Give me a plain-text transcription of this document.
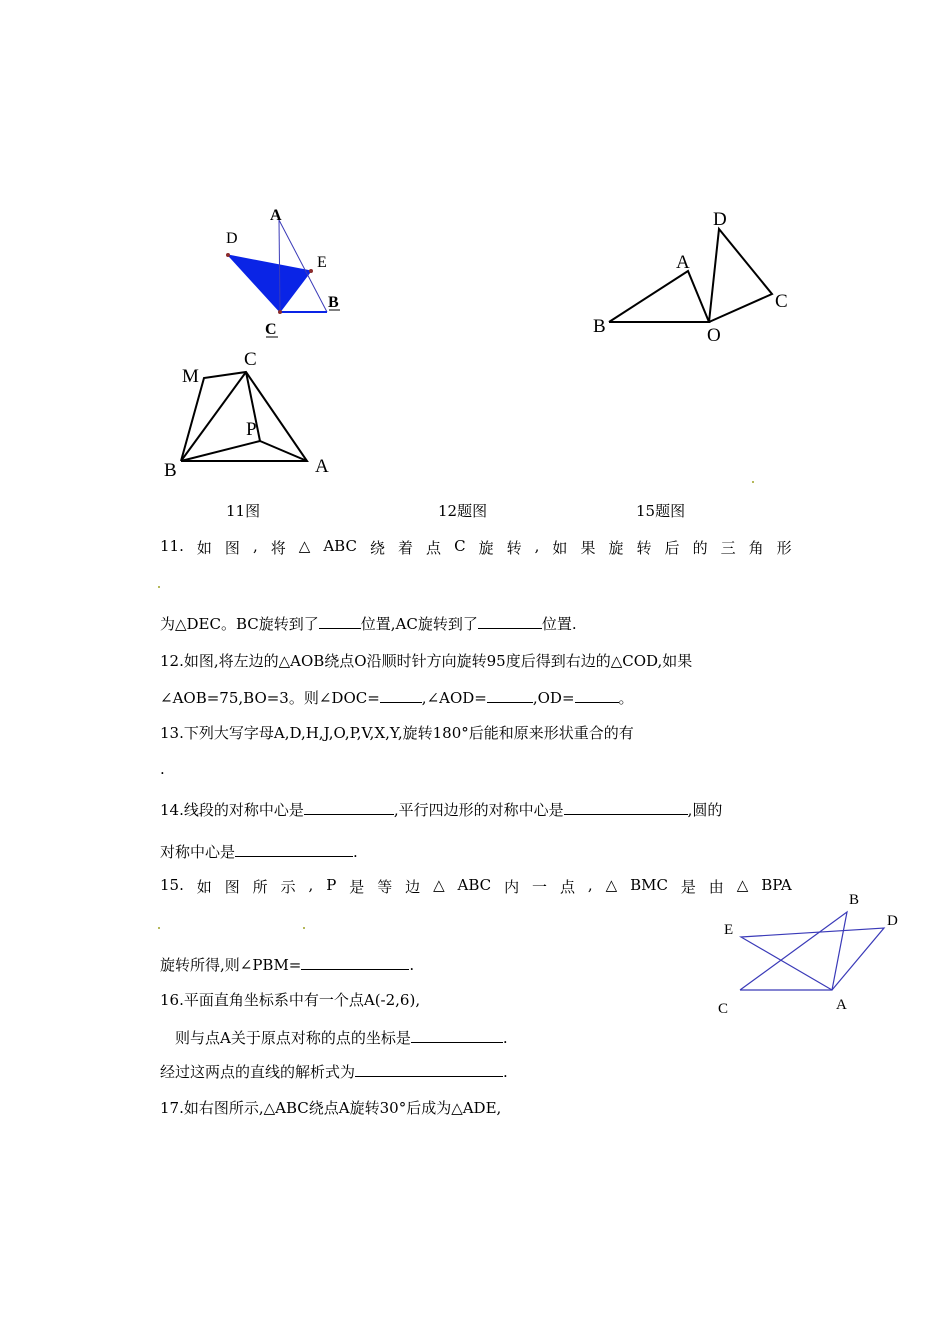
A
D
E
B
C
D
A
C
B	O
M
C
P
B	A
B
D
E
C	A
11图	12题图	15题图
11. 如 图 , 将 △ ABC 绕 着 点 C 旋 转 , 如 果 旋 转 后 的 三 角 形
为△DEC。BC旋转到了	位置,AC旋转到了	位置.
12.如图,将左边的△AOB绕点O沿顺时针方向旋转95度后得到右边的△COD,如果
∠AOB=75,BO=3。则∠DOC=	,∠AOD=	,OD=	。
13.下列大写字母A,D,H,J,O,P,V,X,Y,旋转180°后能和原来形状重合的有
.
14.线段的对称中心是	,平行四边形的对称中心是	,圆的
对称中心是	.
15. 如 图 所 示 , P 是 等 边 △ ABC 内 一 点 , △ BMC 是 由 △ BPA
旋转所得,则∠PBM=	.
16.平面直角坐标系中有一个点A(-2,6),
则与点A关于原点对称的点的坐标是	.
经过这两点的直线的解析式为	.
17.如右图所示,△ABC绕点A旋转30°后成为△ADE,
